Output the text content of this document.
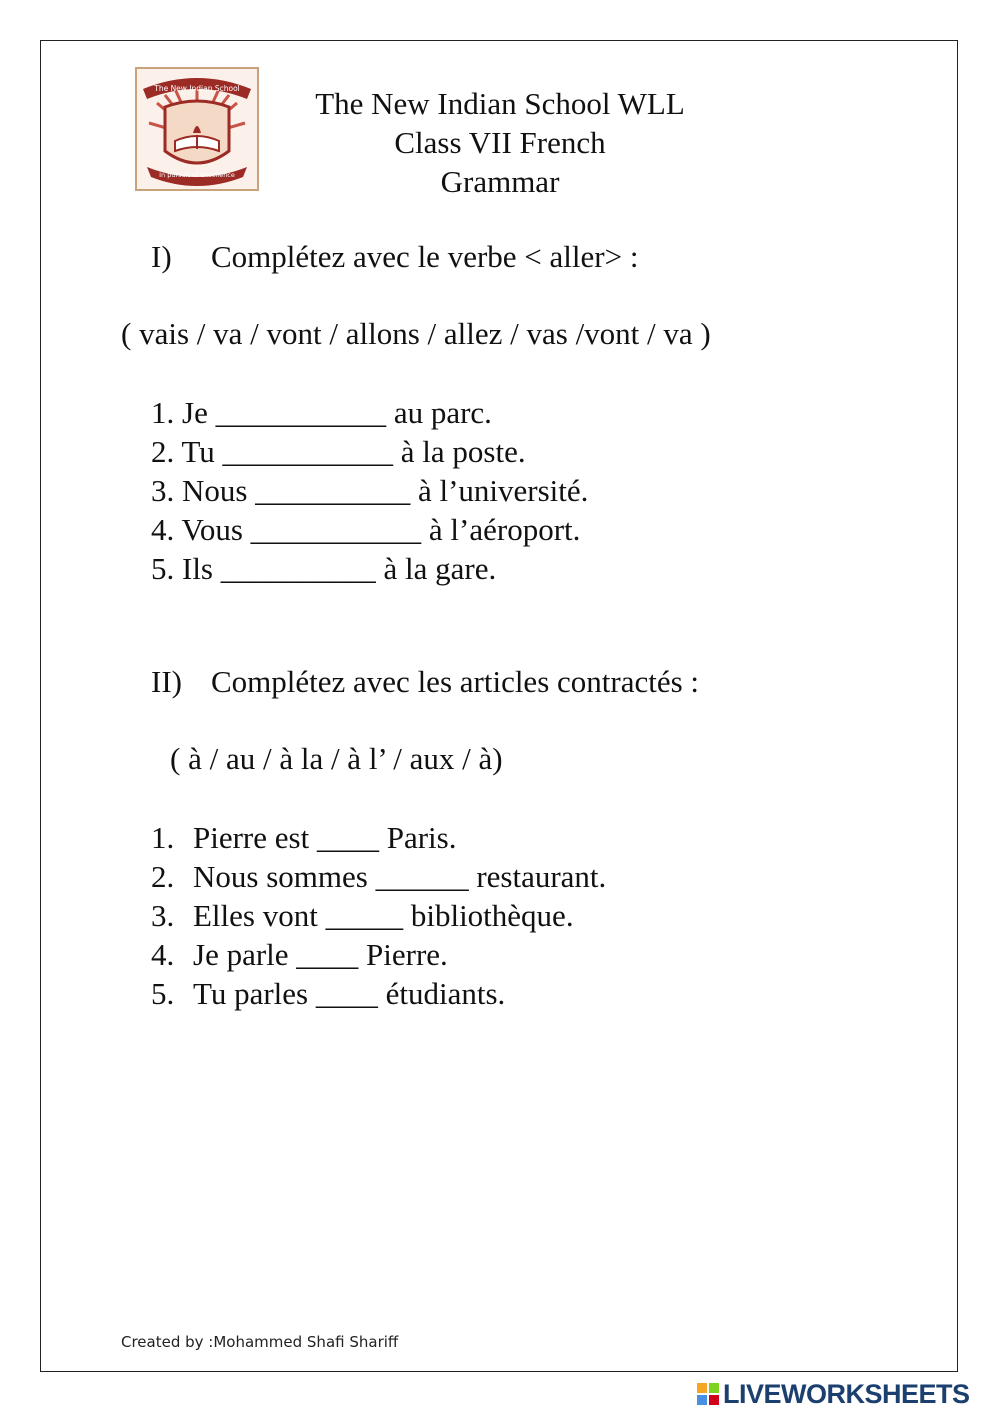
The New Indian School
In pursuit of excellence
The New Indian School WLL
Class VII French
Grammar
I) Complétez avec le verbe < aller> :
( vais / va / vont / allons / allez / vas /vont / va )
1. Je ___________ au parc.
2. Tu ___________ à la poste.
3. Nous __________ à l’université.
4. Vous ___________ à l’aéroport.
5. Ils __________ à la gare.
II) Complétez avec les articles contractés :
( à / au / à la / à l’ / aux / à)
1. Pierre est ____ Paris.
2. Nous sommes ______ restaurant.
3. Elles vont _____ bibliothèque.
4. Je parle ____ Pierre.
5. Tu parles ____ étudiants.
Created by :Mohammed Shafi Shariff
LIVEWORKSHEETS
